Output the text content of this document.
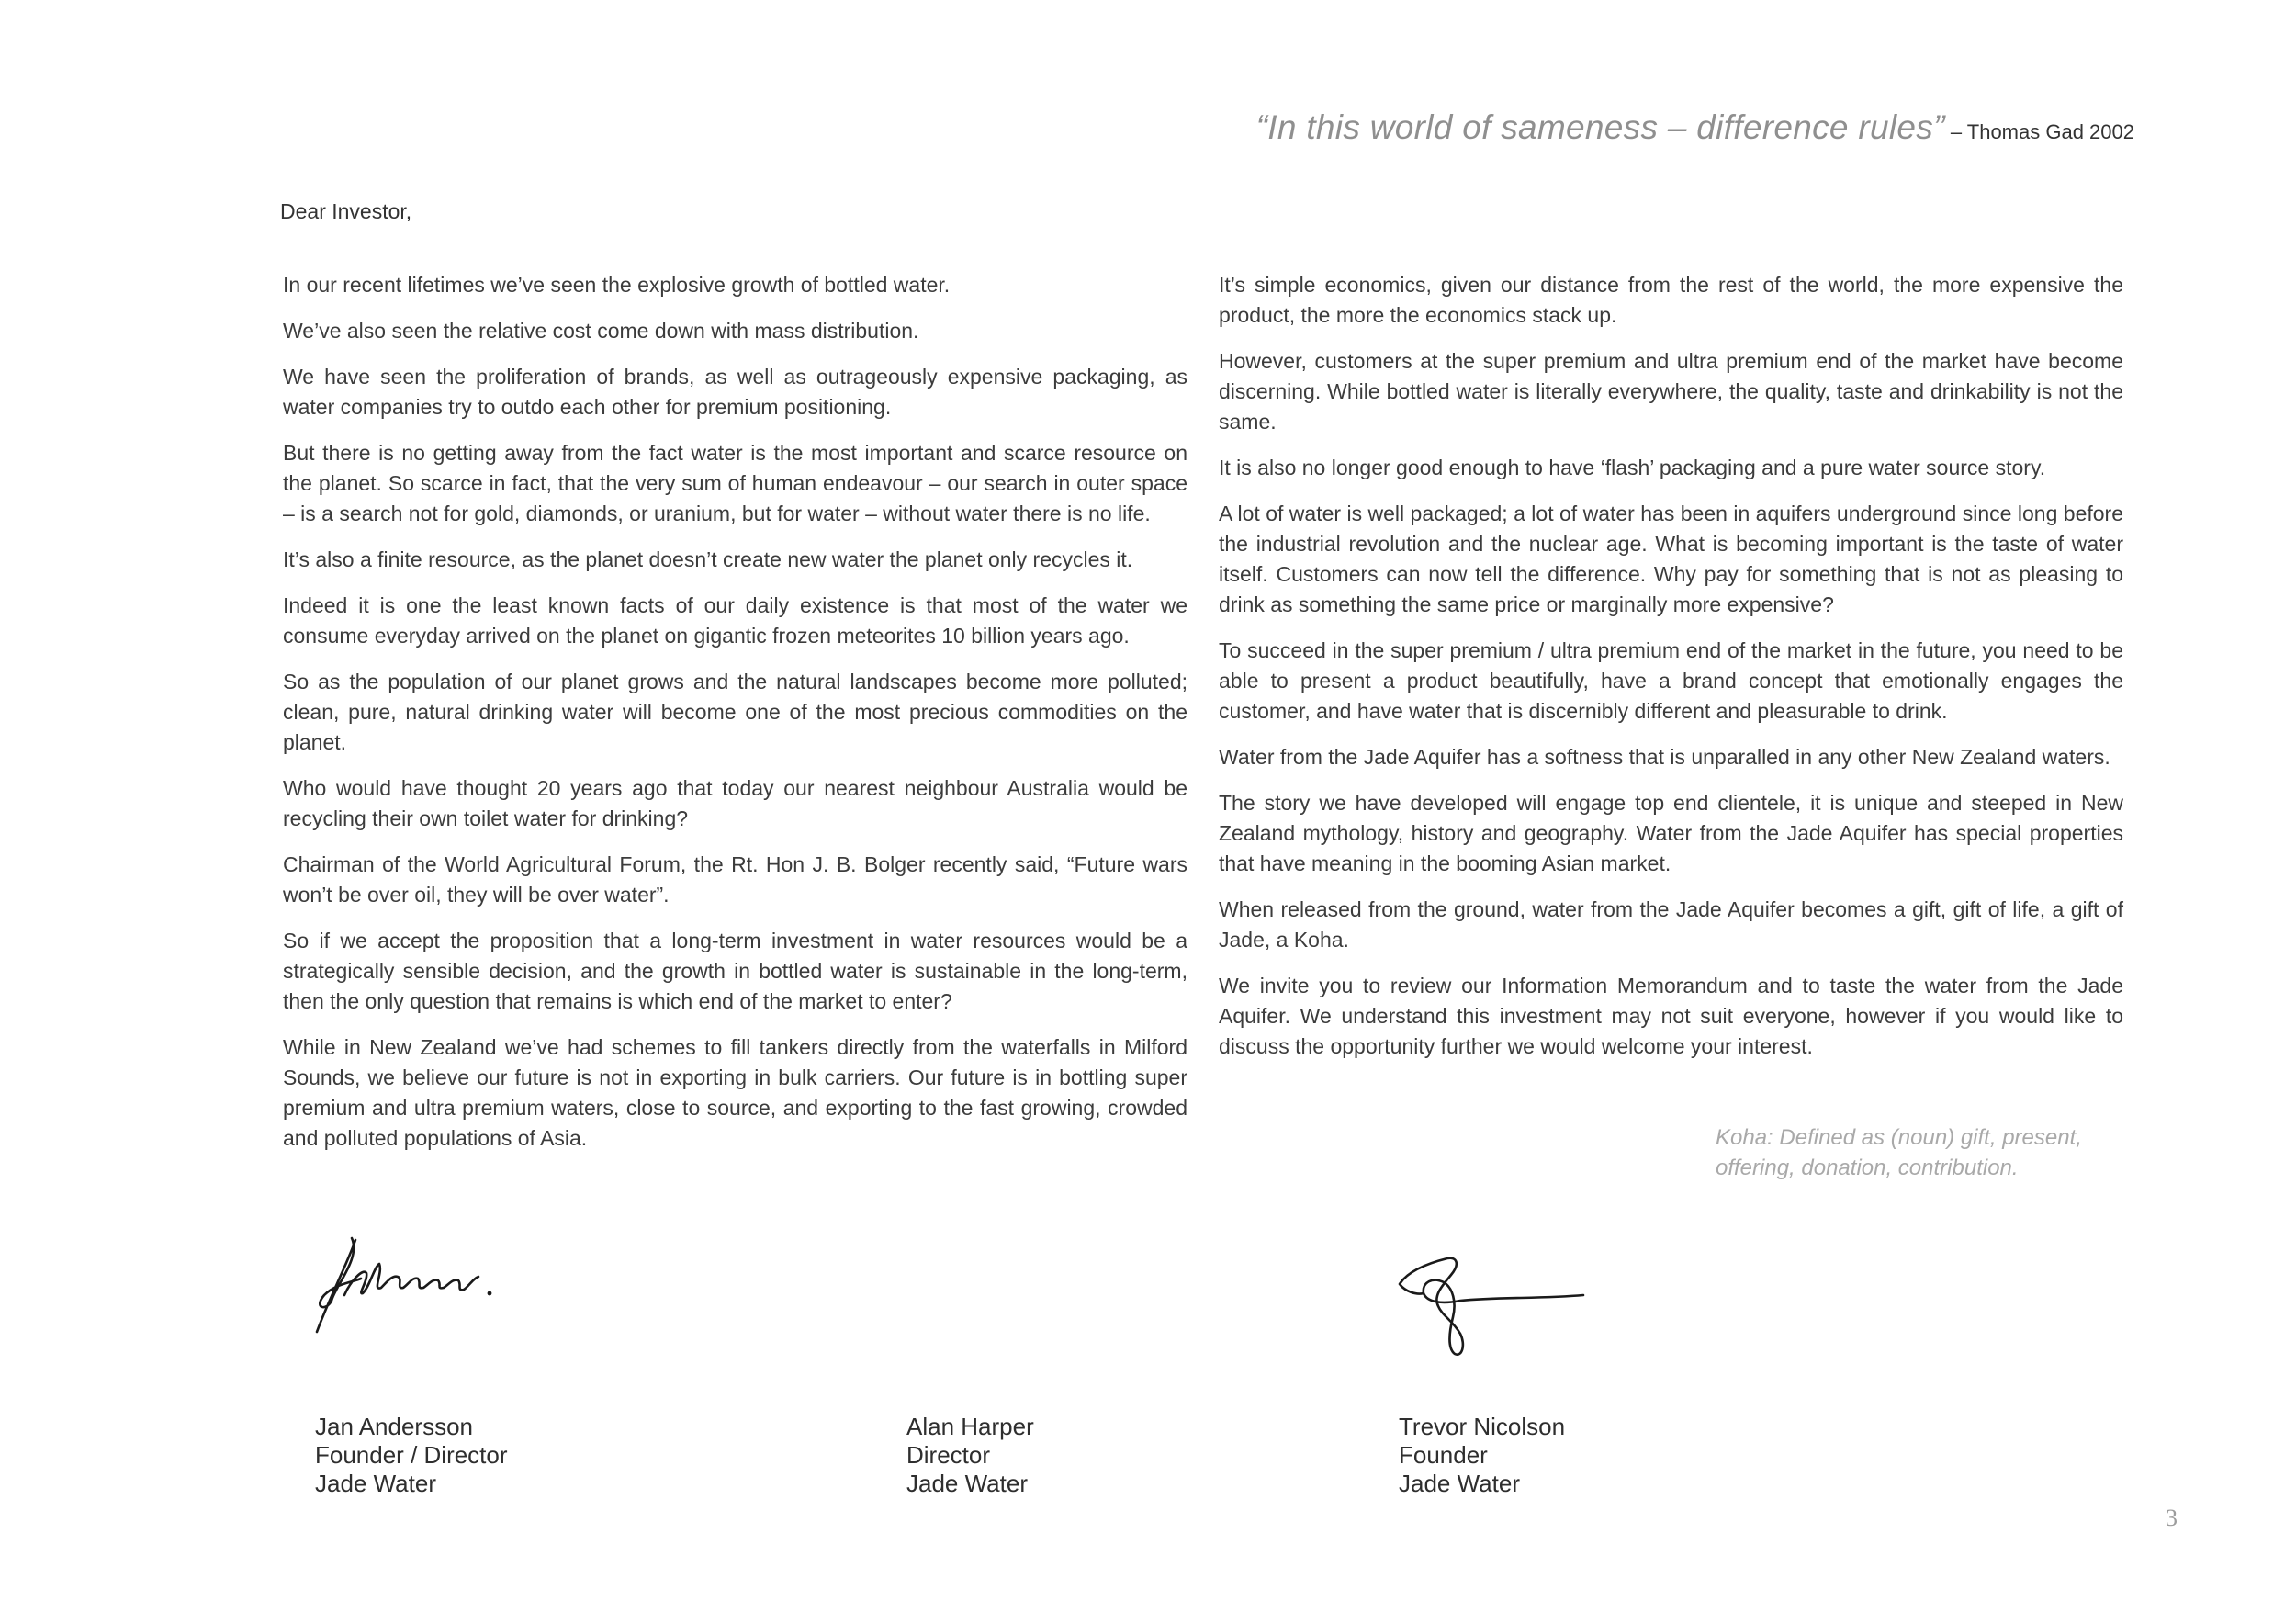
“In this world of sameness – difference rules” – Thomas Gad 2002
Dear Investor,

In our recent lifetimes we’ve seen the explosive growth of bottled water.

We’ve also seen the relative cost come down with mass distribution.

We have seen the proliferation of brands, as well as outrageously expensive packaging, as water companies try to outdo each other for premium positioning.

But there is no getting away from the fact water is the most important and scarce resource on the planet. So scarce in fact, that the very sum of human endeavour – our search in outer space – is a search not for gold, diamonds, or uranium, but for water – without water there is no life.

It’s also a finite resource, as the planet doesn’t create new water the planet only recycles it.

Indeed it is one the least known facts of our daily existence is that most of the water we consume everyday arrived on the planet on gigantic frozen meteorites 10 billion years ago.

So as the population of our planet grows and the natural landscapes become more polluted; clean, pure, natural drinking water will become one of the most precious commodities on the planet.

Who would have thought 20 years ago that today our nearest neighbour Australia would be recycling their own toilet water for drinking?

Chairman of the World Agricultural Forum, the Rt. Hon J. B. Bolger recently said, “Future wars won’t be over oil, they will be over water”.

So if we accept the proposition that a long-term investment in water resources would be a strategically sensible decision, and the growth in bottled water is sustainable in the long-term, then the only question that remains is which end of the market to enter?

While in New Zealand we’ve had schemes to fill tankers directly from the waterfalls in Milford Sounds, we believe our future is not in exporting in bulk carriers. Our future is in bottling super premium and ultra premium waters, close to source, and exporting to the fast growing, crowded and polluted populations of Asia.

It’s simple economics, given our distance from the rest of the world, the more expensive the product, the more the economics stack up.

However, customers at the super premium and ultra premium end of the market have become discerning. While bottled water is literally everywhere, the quality, taste and drinkability is not the same.

It is also no longer good enough to have ‘flash’ packaging and a pure water source story.

A lot of water is well packaged; a lot of water has been in aquifers underground since long before the industrial revolution and the nuclear age. What is becoming important is the taste of water itself. Customers can now tell the difference. Why pay for something that is not as pleasing to drink as something the same price or marginally more expensive?

To succeed in the super premium / ultra premium end of the market in the future, you need to be able to present a product beautifully, have a brand concept that emotionally engages the customer, and have water that is discernibly different and pleasurable to drink.

Water from the Jade Aquifer has a softness that is unparalled in any other New Zealand waters.

The story we have developed will engage top end clientele, it is unique and steeped in New Zealand mythology, history and geography. Water from the Jade Aquifer has special properties that have meaning in the booming Asian market.

When released from the ground, water from the Jade Aquifer becomes a gift, gift of life, a gift of Jade, a Koha.

We invite you to review our Information Memorandum and to taste the water from the Jade Aquifer. We understand this investment may not suit everyone, however if you would like to discuss the opportunity further we would welcome your interest.

Koha: Defined as (noun) gift, present,
offering, donation, contribution.
Jan Andersson
Founder / Director
Jade Water
Alan Harper
Director
Jade Water
Trevor Nicolson
Founder
Jade Water
3
